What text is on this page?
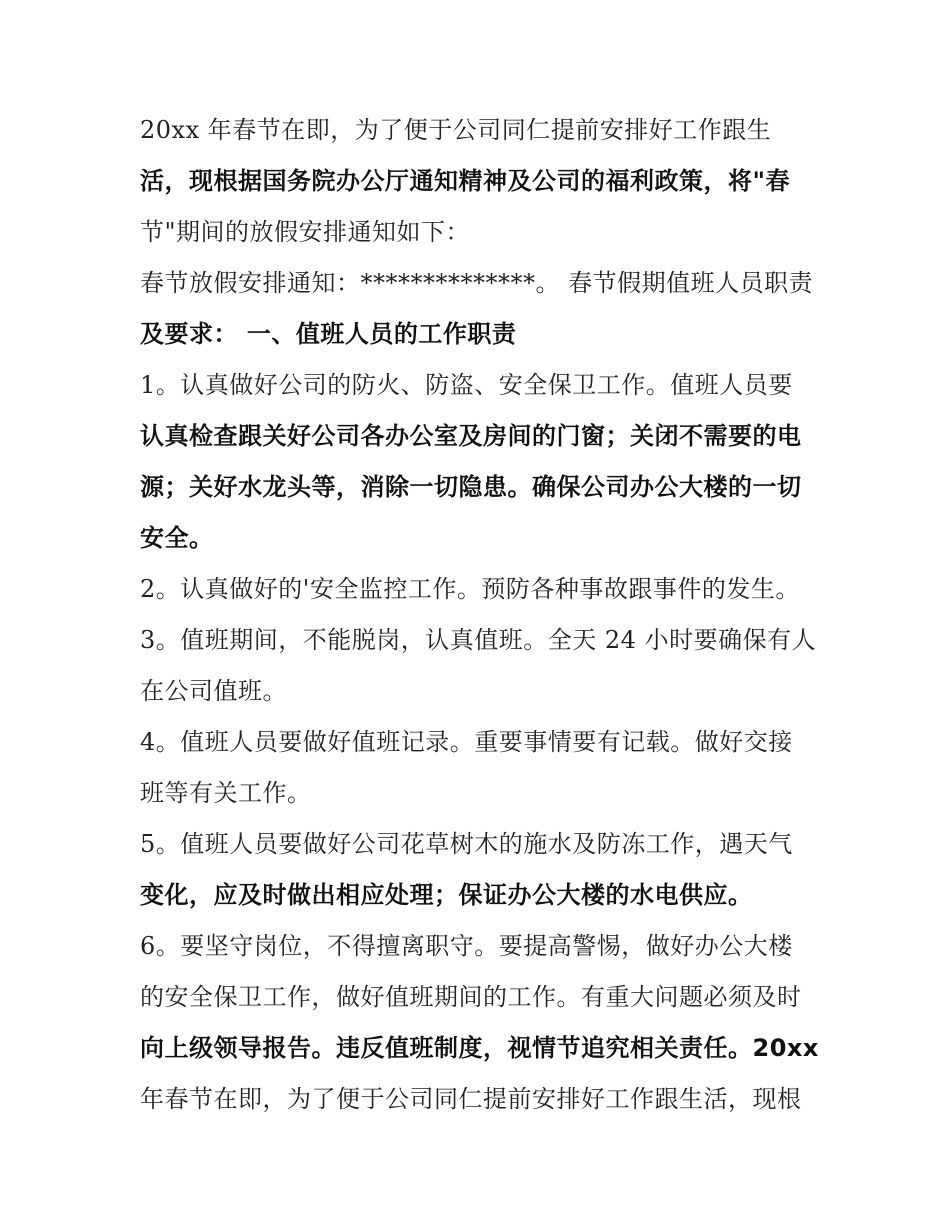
20xx 年春节在即，为了便于公司同仁提前安排好工作跟生
活，现根据国务院办公厅通知精神及公司的福利政策，将"春
节"期间的放假安排通知如下：
春节放假安排通知：**************。 春节假期值班人员职责
及要求： 一、值班人员的工作职责
1。认真做好公司的防火、防盗、安全保卫工作。值班人员要
认真检查跟关好公司各办公室及房间的门窗；关闭不需要的电
源；关好水龙头等，消除一切隐患。确保公司办公大楼的一切
安全。
2。认真做好的'安全监控工作。预防各种事故跟事件的发生。
3。值班期间，不能脱岗，认真值班。全天 24 小时要确保有人
在公司值班。
4。值班人员要做好值班记录。重要事情要有记载。做好交接
班等有关工作。
5。值班人员要做好公司花草树木的施水及防冻工作，遇天气
变化，应及时做出相应处理；保证办公大楼的水电供应。
6。要坚守岗位，不得擅离职守。要提高警惕，做好办公大楼
的安全保卫工作，做好值班期间的工作。有重大问题必须及时
向上级领导报告。违反值班制度，视情节追究相关责任。20xx
年春节在即，为了便于公司同仁提前安排好工作跟生活，现根
